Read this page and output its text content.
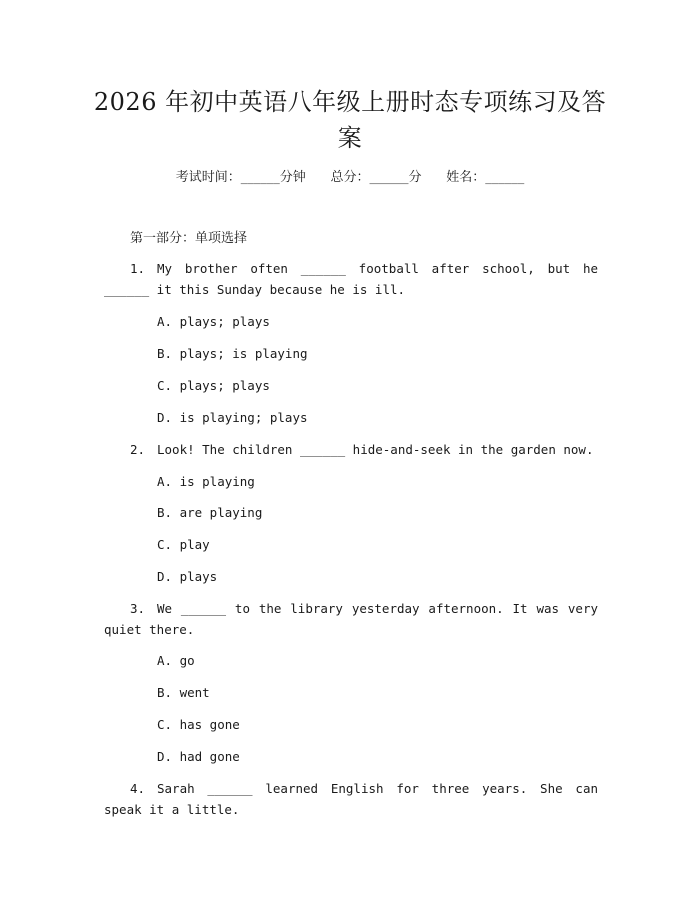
2026 年初中英语八年级上册时态专项练习及答案
考试时间：______分钟      总分：______分      姓名：______
第一部分：单项选择
1. My brother often ______ football after school, but he ______ it this Sunday because he is ill.
A. plays; plays
B. plays; is playing
C. plays; plays
D. is playing; plays
2. Look! The children ______ hide-and-seek in the garden now.
A. is playing
B. are playing
C. play
D. plays
3. We ______ to the library yesterday afternoon. It was very quiet there.
A. go
B. went
C. has gone
D. had gone
4. Sarah ______ learned English for three years. She can speak it a little.
